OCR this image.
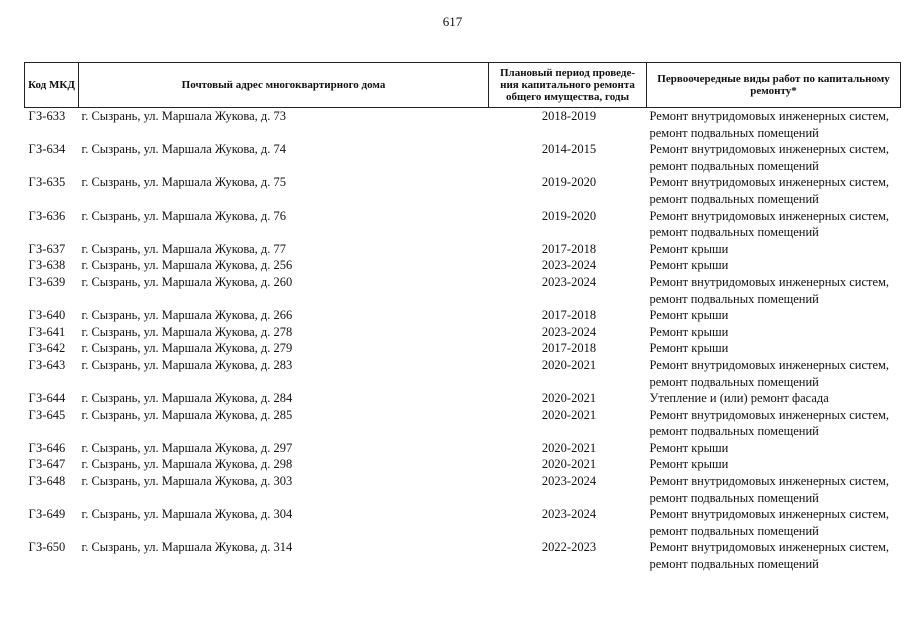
617
Код МКД	Почтовый адрес многоквартирного дома	Плановый период проведе-ния капитального ремонта общего имущества, годы	Первоочередные виды работ по капитальному ремонту*
ГЗ-633	г. Сызрань, ул. Маршала Жукова, д. 73	2018-2019	Ремонт внутридомовых инженерных систем,
ремонт подвальных помещений

ГЗ-634	г. Сызрань, ул. Маршала Жукова, д. 74	2014-2015	Ремонт внутридомовых инженерных систем,
ремонт подвальных помещений

ГЗ-635	г. Сызрань, ул. Маршала Жукова, д. 75	2019-2020	Ремонт внутридомовых инженерных систем,
ремонт подвальных помещений

ГЗ-636	г. Сызрань, ул. Маршала Жукова, д. 76	2019-2020	Ремонт внутридомовых инженерных систем,
ремонт подвальных помещений

ГЗ-637	г. Сызрань, ул. Маршала Жукова, д. 77	2017-2018	Ремонт крыши

ГЗ-638	г. Сызрань, ул. Маршала Жукова, д. 256	2023-2024	Ремонт крыши

ГЗ-639	г. Сызрань, ул. Маршала Жукова, д. 260	2023-2024	Ремонт внутридомовых инженерных систем,
ремонт подвальных помещений

ГЗ-640	г. Сызрань, ул. Маршала Жукова, д. 266	2017-2018	Ремонт крыши

ГЗ-641	г. Сызрань, ул. Маршала Жукова, д. 278	2023-2024	Ремонт крыши

ГЗ-642	г. Сызрань, ул. Маршала Жукова, д. 279	2017-2018	Ремонт крыши

ГЗ-643	г. Сызрань, ул. Маршала Жукова, д. 283	2020-2021	Ремонт внутридомовых инженерных систем,
ремонт подвальных помещений

ГЗ-644	г. Сызрань, ул. Маршала Жукова, д. 284	2020-2021	Утепление и (или) ремонт фасада

ГЗ-645	г. Сызрань, ул. Маршала Жукова, д. 285	2020-2021	Ремонт внутридомовых инженерных систем,
ремонт подвальных помещений

ГЗ-646	г. Сызрань, ул. Маршала Жукова, д. 297	2020-2021	Ремонт крыши

ГЗ-647	г. Сызрань, ул. Маршала Жукова, д. 298	2020-2021	Ремонт крыши

ГЗ-648	г. Сызрань, ул. Маршала Жукова, д. 303	2023-2024	Ремонт внутридомовых инженерных систем,
ремонт подвальных помещений

ГЗ-649	г. Сызрань, ул. Маршала Жукова, д. 304	2023-2024	Ремонт внутридомовых инженерных систем,
ремонт подвальных помещений

ГЗ-650	г. Сызрань, ул. Маршала Жукова, д. 314	2022-2023	Ремонт внутридомовых инженерных систем,
ремонт подвальных помещений
